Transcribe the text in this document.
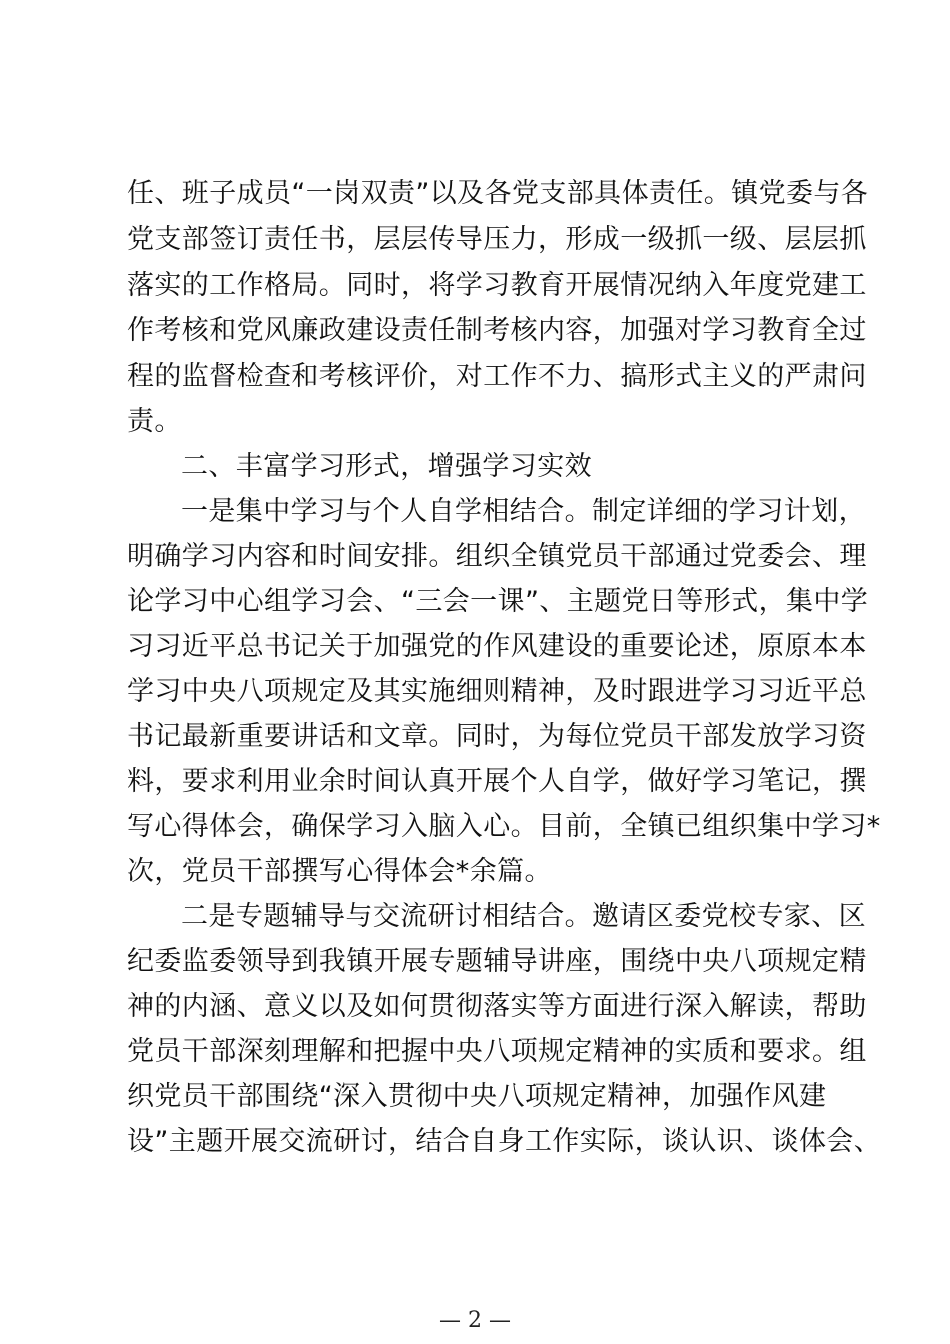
任、班子成员“一岗双责”以及各党支部具体责任。镇党委与各
党支部签订责任书，层层传导压力，形成一级抓一级、层层抓
落实的工作格局。同时，将学习教育开展情况纳入年度党建工
作考核和党风廉政建设责任制考核内容，加强对学习教育全过
程的监督检查和考核评价，对工作不力、搞形式主义的严肃问
责。
二、丰富学习形式，增强学习实效
一是集中学习与个人自学相结合。制定详细的学习计划，
明确学习内容和时间安排。组织全镇党员干部通过党委会、理
论学习中心组学习会、“三会一课”、主题党日等形式，集中学
习习近平总书记关于加强党的作风建设的重要论述，原原本本
学习中央八项规定及其实施细则精神，及时跟进学习习近平总
书记最新重要讲话和文章。同时，为每位党员干部发放学习资
料，要求利用业余时间认真开展个人自学，做好学习笔记，撰
写心得体会，确保学习入脑入心。目前，全镇已组织集中学习*
次，党员干部撰写心得体会*余篇。
二是专题辅导与交流研讨相结合。邀请区委党校专家、区
纪委监委领导到我镇开展专题辅导讲座，围绕中央八项规定精
神的内涵、意义以及如何贯彻落实等方面进行深入解读，帮助
党员干部深刻理解和把握中央八项规定精神的实质和要求。组
织党员干部围绕“深入贯彻中央八项规定精神，加强作风建
设”主题开展交流研讨，结合自身工作实际，谈认识、谈体会、
— 2 —
